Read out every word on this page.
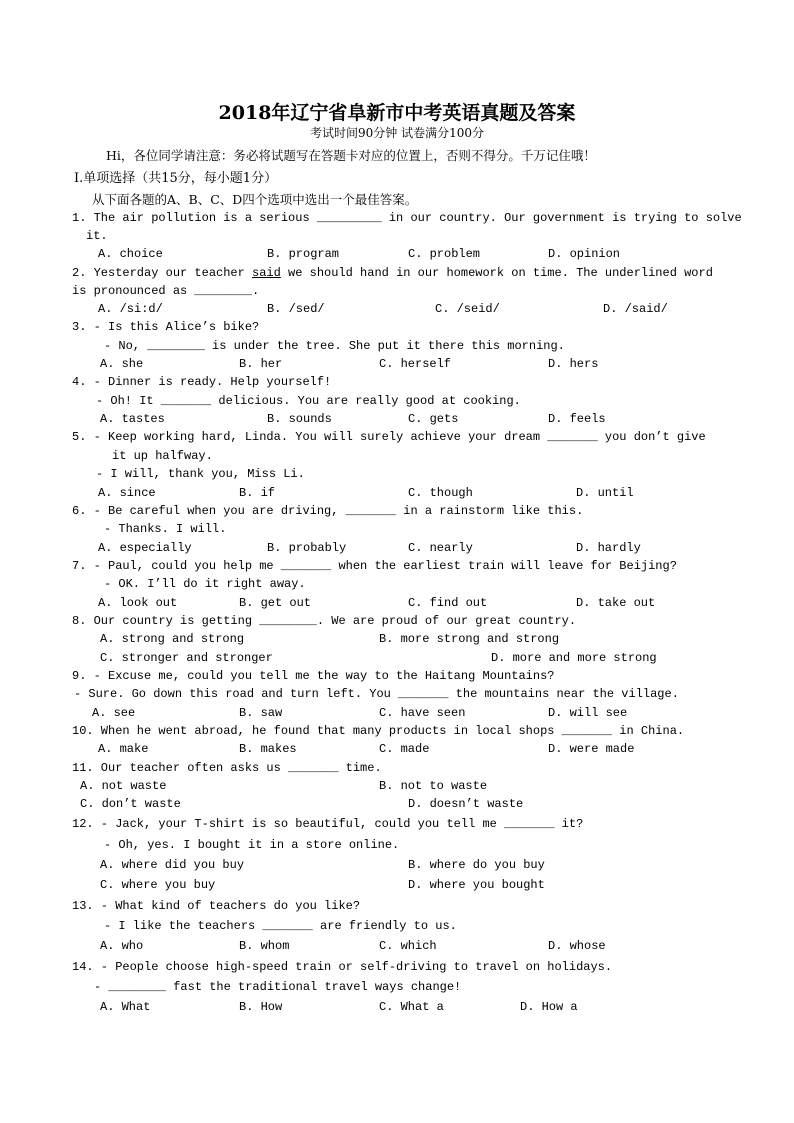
2018年辽宁省阜新市中考英语真题及答案
考试时间90分钟 试卷满分100分
Hi，各位同学请注意：务必将试题写在答题卡对应的位置上，否则不得分。千万记住哦！
Ⅰ.单项选择（共15分，每小题1分）
从下面各题的A、B、C、D四个选项中选出一个最佳答案。
1. The air pollution is a serious _________ in our country. Our government is trying to solve
it.
A. choice	B. program	C. problem	D. opinion
2. Yesterday our teacher said we should hand in our homework on time. The underlined word
is pronounced as ________.
A. /si:d/	B. /sed/	C. /seid/	D. /said/
3. - Is this Alice’s bike?
- No, ________ is under the tree. She put it there this morning.
A. she	B. her	C. herself	D. hers
4. - Dinner is ready. Help yourself!
- Oh! It _______ delicious. You are really good at cooking.
A. tastes	B. sounds	C. gets	D. feels
5. - Keep working hard, Linda. You will surely achieve your dream _______ you don’t give
it up halfway.
- I will, thank you, Miss Li.
A. since	B. if	C. though	D. until
6. - Be careful when you are driving, _______ in a rainstorm like this.
- Thanks. I will.
A. especially	B. probably	C. nearly	D. hardly
7. - Paul, could you help me _______ when the earliest train will leave for Beijing?
- OK. I’ll do it right away.
A. look out	B. get out	C. find out	D. take out
8. Our country is getting ________. We are proud of our great country.
A. strong and strong	B. more strong and strong
C. stronger and stronger	D. more and more strong
9. - Excuse me, could you tell me the way to the Haitang Mountains?
- Sure. Go down this road and turn left. You _______ the mountains near the village.
A. see	B. saw	C. have seen	D. will see
10. When he went abroad, he found that many products in local shops _______ in China.
A. make	B. makes	C. made	D. were made
11. Our teacher often asks us _______ time.
A. not waste	B. not to waste
C. don’t waste	D. doesn’t waste
12. - Jack, your T-shirt is so beautiful, could you tell me _______ it?
- Oh, yes. I bought it in a store online.
A. where did you buy	B. where do you buy
C. where you buy	D. where you bought
13. - What kind of teachers do you like?
- I like the teachers _______ are friendly to us.
A. who	B. whom	C. which	D. whose
14. - People choose high-speed train or self-driving to travel on holidays.
- ________ fast the traditional travel ways change!
A. What	B. How	C. What a	D. How a
